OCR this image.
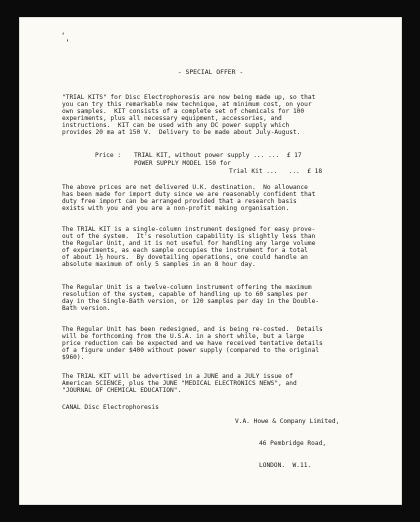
‘
’
- SPECIAL OFFER -

"TRIAL KITS" for Disc Electrophoresis are now being made up, so that

you can try this remarkable new technique, at minimum cost, on your

own samples.  KIT consists of a complete set of chemicals for 100

experiments, plus all necessary equipment, accessories, and

instructions.  KIT can be used with any DC power supply which

provides 20 ma at 150 V.  Delivery to be made about July-August.

Price : TRIAL KIT, without power supply ... ...  £ 17
POWER SUPPLY MODEL 150 for
Trial Kit ...   ...  £ 18

The above prices are net delivered U.K. destination.  No allowance

has been made for import duty since we are reasonably confident that

duty free import can be arranged provided that a research basis

exists with you and you are a non-profit making organisation.

The TRIAL KIT is a single-column instrument designed for easy prove-

out of the system.  It's resolution capability is slightly less than

the Regular Unit, and it is not useful for handling any large volume

of experiments, as each sample occupies the instrument for a total

of about 1½ hours.  By dovetailing operations, one could handle an

absolute maximum of only 5 samples in an 8 hour day.

The Regular Unit is a twelve-column instrument offering the maximum

resolution of the system, capable of handling up to 60 samples per

day in the Single-Bath version, or 120 samples per day in the Double-

Bath version.

The Regular Unit has been redesigned, and is being re-costed.  Details

will be forthcoming from the U.S.A. in a short while, but a large

price reduction can be expected and we have received tentative details

of a figure under $400 without power supply (compared to the original

$960).

The TRIAL KIT will be advertised in a JUNE and a JULY issue of

American SCIENCE, plus the JUNE "MEDICAL ELECTRONICS NEWS", and

"JOURNAL OF CHEMICAL EDUCATION".

CANAL Disc Electrophoresis

V.A. Howe & Company Limited,

46 Pembridge Road,

LONDON.  W.11.
